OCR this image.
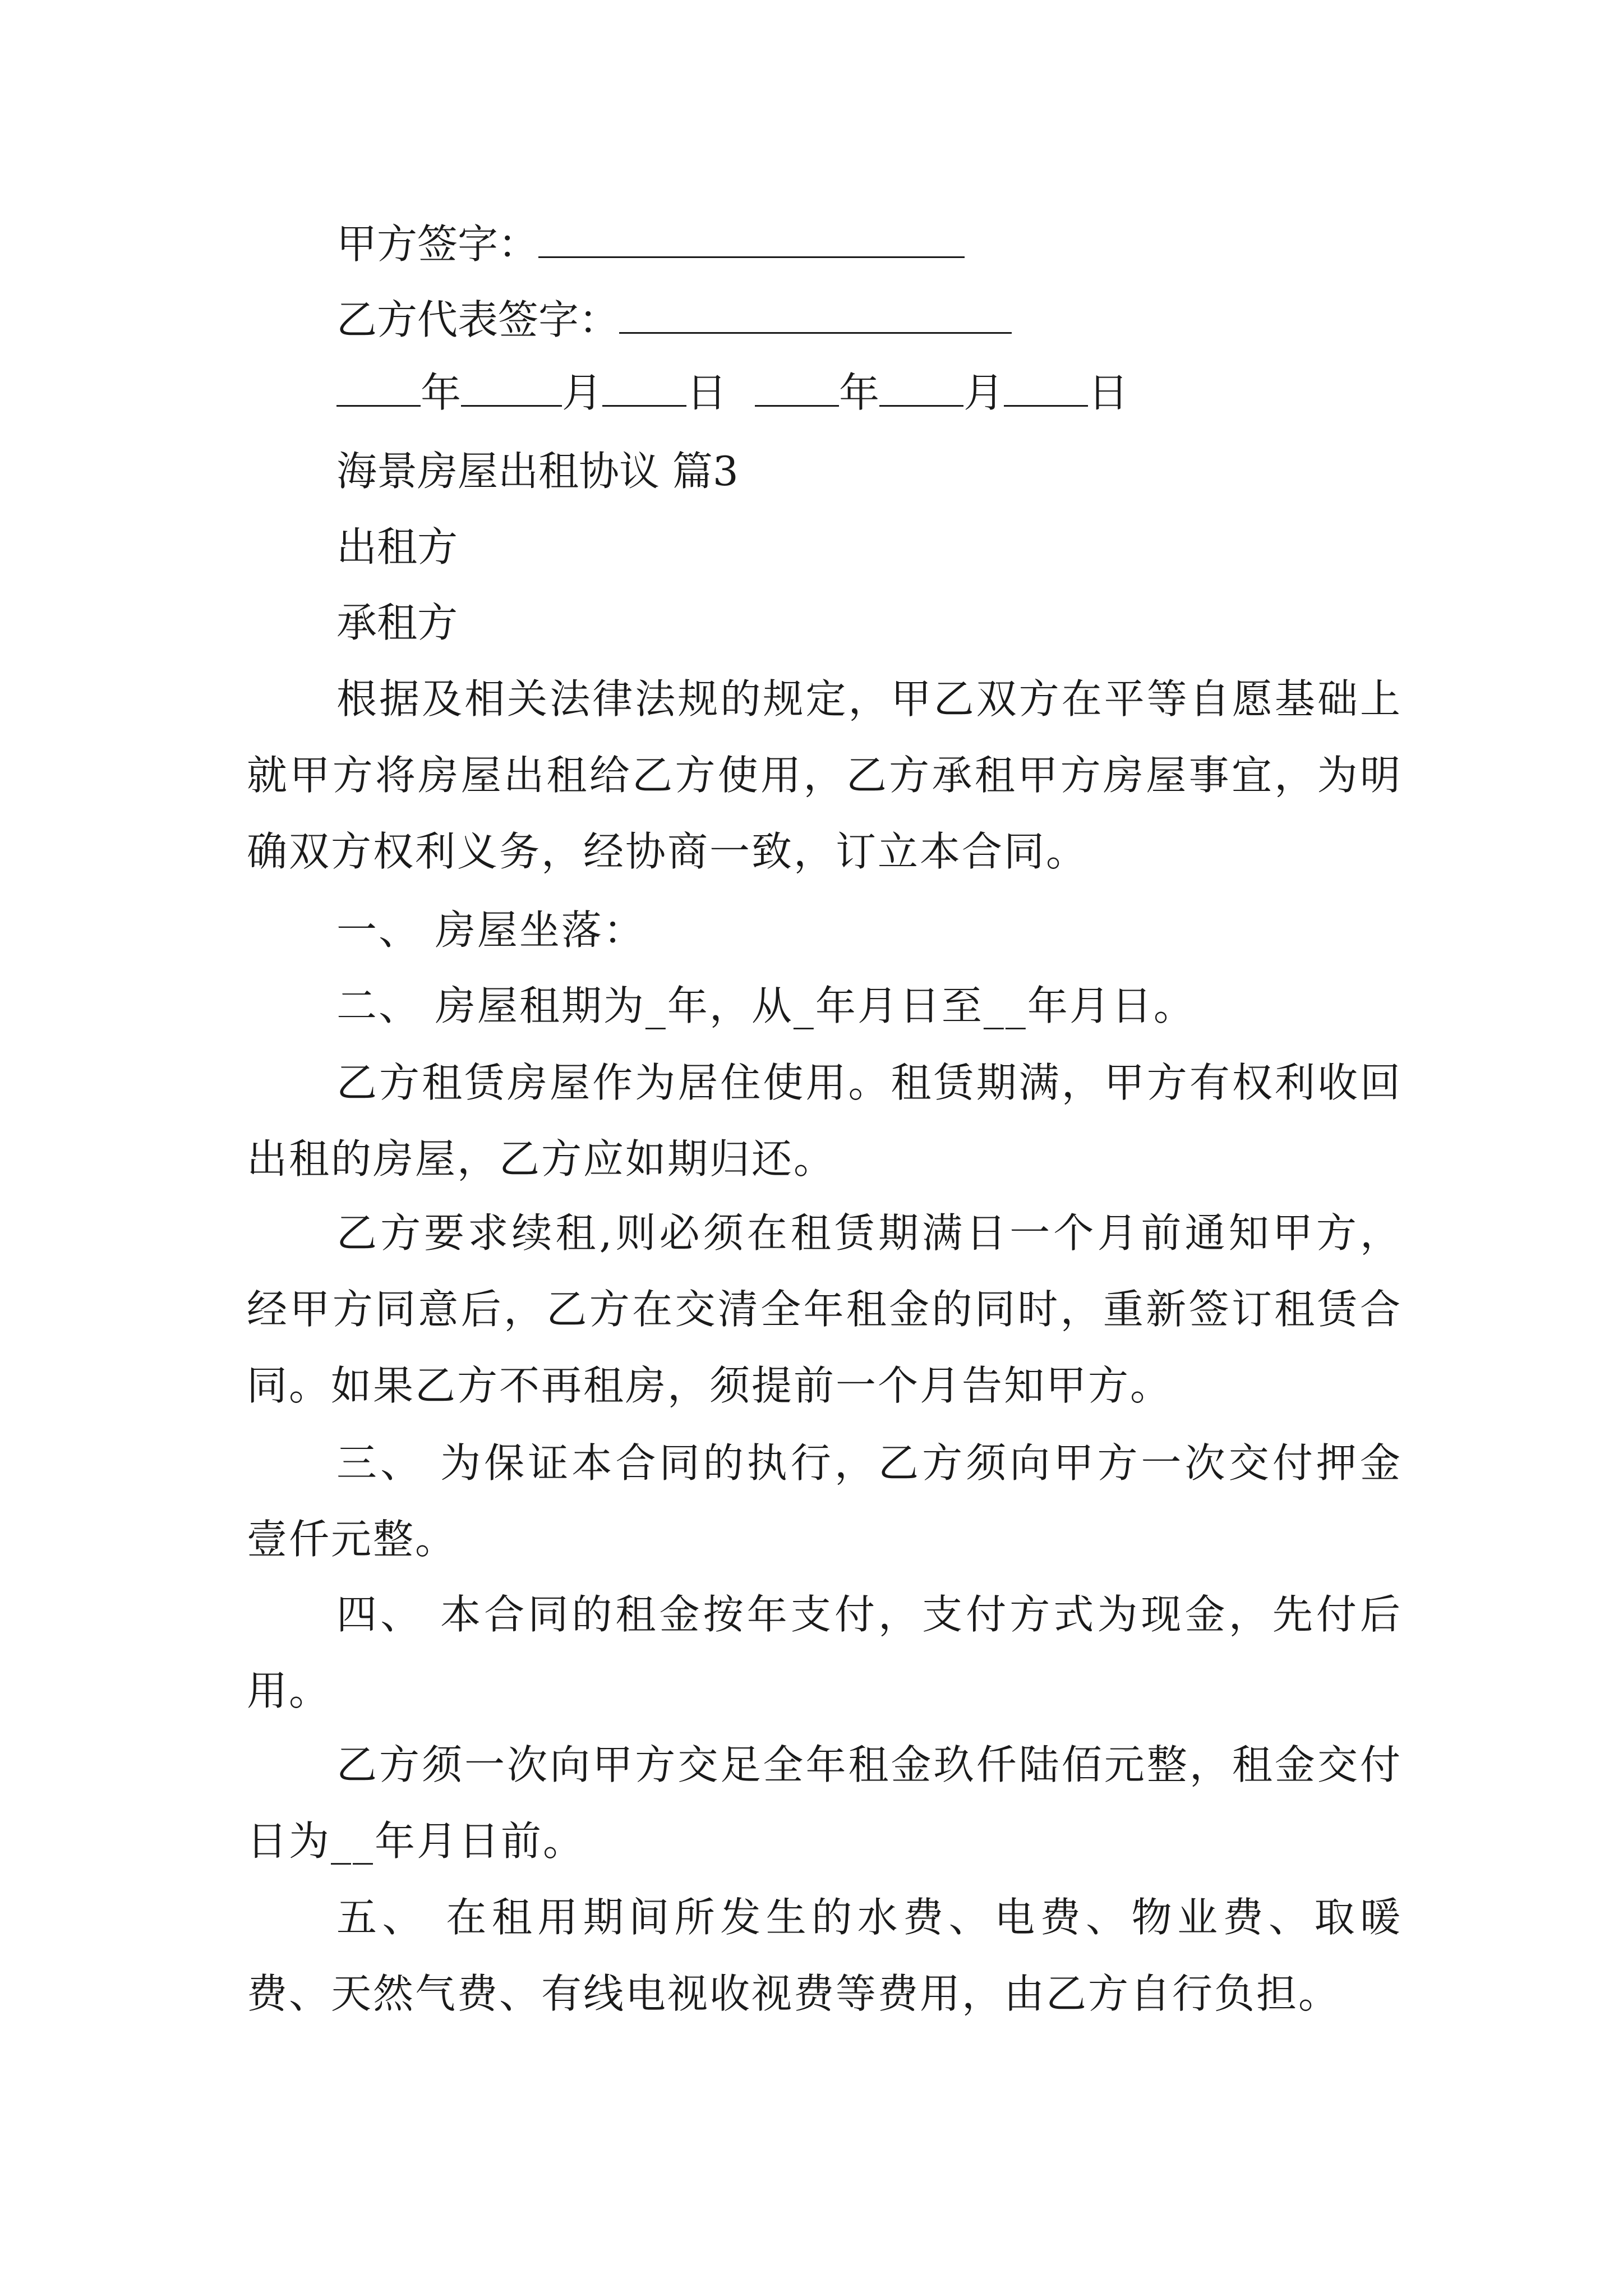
甲方签字：
乙方代表签字：
年	月 日	年 月 日
海景房屋出租协议 篇3
出租方
承租方
根据及相关法律法规的规定，甲乙双方在平等自愿基础上就甲方将房屋出租给乙方使用，乙方承租甲方房屋事宜，为明确双方权利义务，经协商一致，订立本合同。
一、 房屋坐落：
二、 房屋租期为_年，从_年月日至__年月日。
乙方租赁房屋作为居住使用。租赁期满，甲方有权利收回出租的房屋，乙方应如期归还。
乙方要求续租,则必须在租赁期满日一个月前通知甲方，经甲方同意后，乙方在交清全年租金的同时，重新签订租赁合同。如果乙方不再租房，须提前一个月告知甲方。
三、 为保证本合同的执行，乙方须向甲方一次交付押金壹仟元整。
四、 本合同的租金按年支付，支付方式为现金，先付后用。
乙方须一次向甲方交足全年租金玖仟陆佰元整，租金交付日为__年月日前。
五、 在租用期间所发生的水费、电费、物业费、取暖费、天然气费、有线电视收视费等费用，由乙方自行负担。
